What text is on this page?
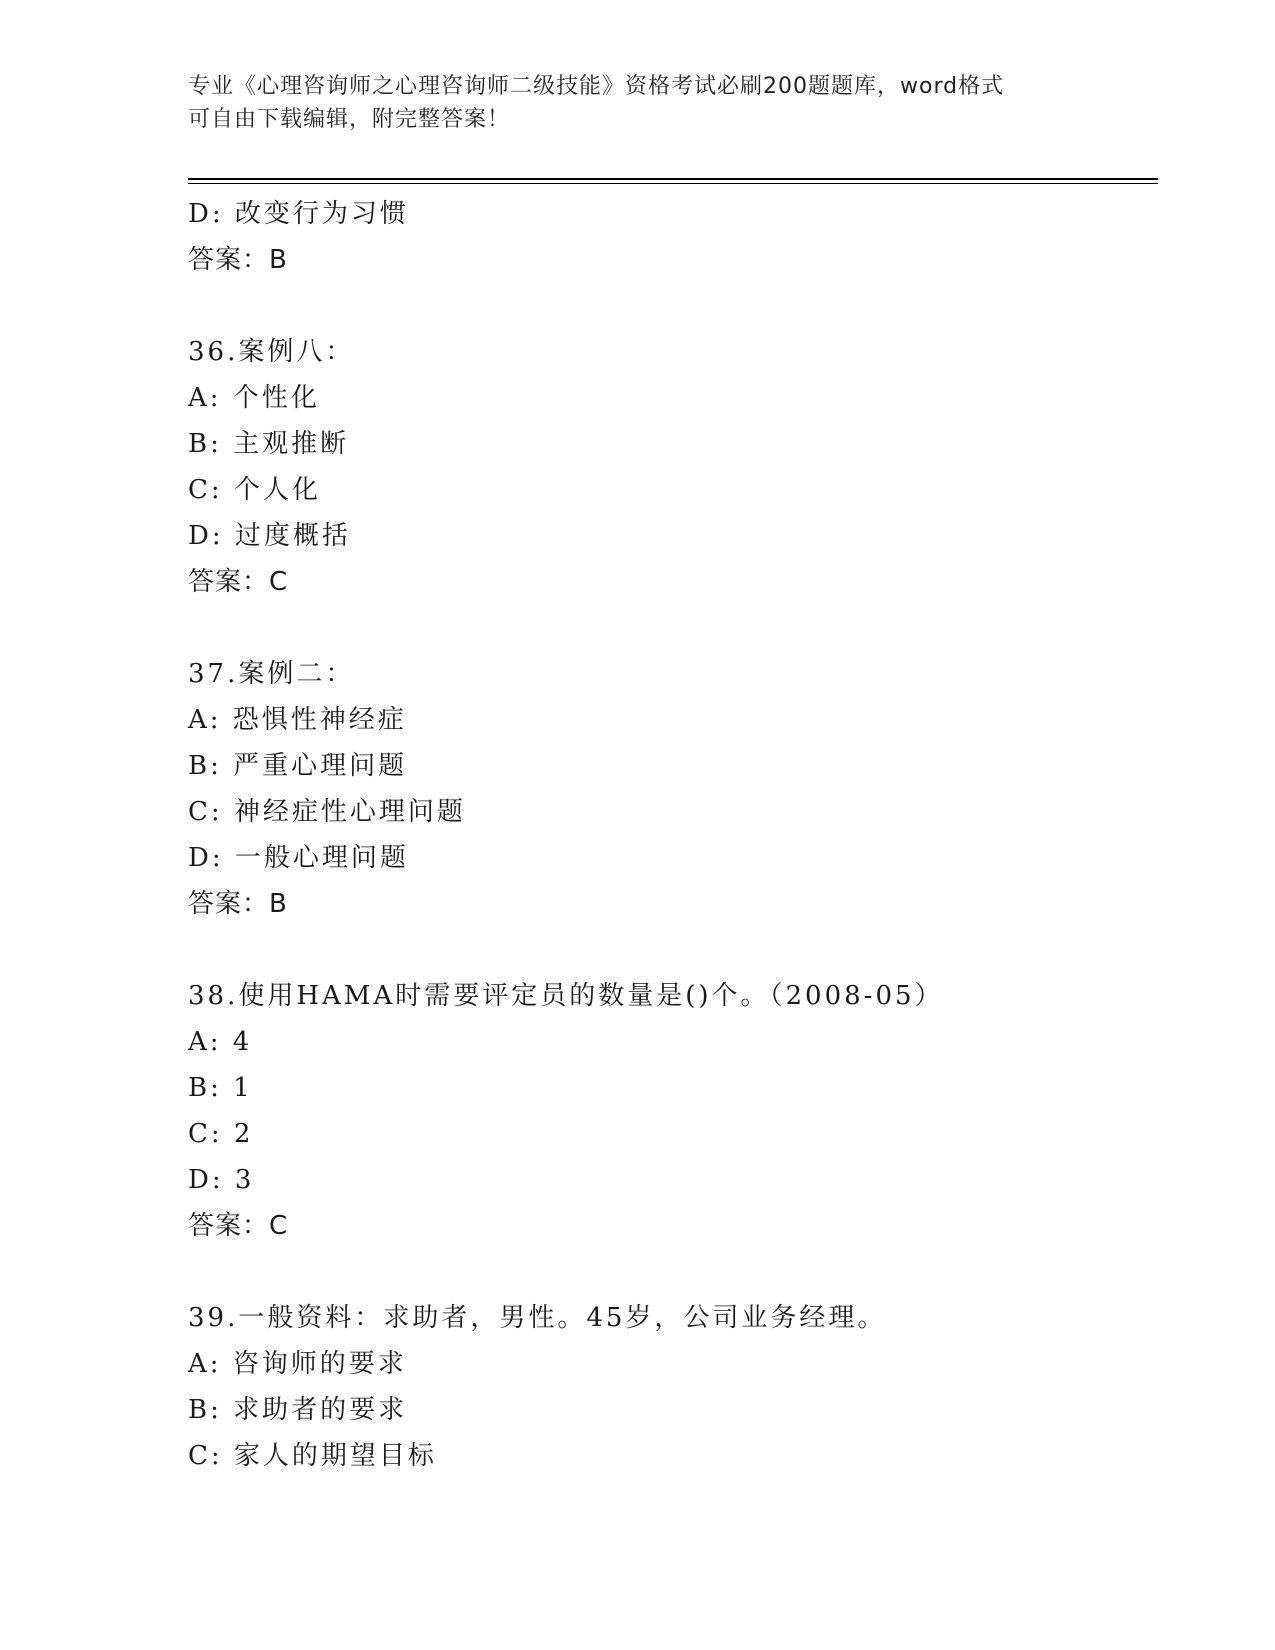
专业《心理咨询师之心理咨询师二级技能》资格考试必刷200题题库，word格式
可自由下载编辑，附完整答案！
D: 改变行为习惯
答案：B
36.案例八：
A: 个性化
B: 主观推断
C: 个人化
D: 过度概括
答案：C
37.案例二：
A: 恐惧性神经症
B: 严重心理问题
C: 神经症性心理问题
D: 一般心理问题
答案：B
38.使用HAMA时需要评定员的数量是()个。（2008-05）
A: 4
B: 1
C: 2
D: 3
答案：C
39.一般资料：求助者，男性。45岁，公司业务经理。
A: 咨询师的要求
B: 求助者的要求
C: 家人的期望目标
